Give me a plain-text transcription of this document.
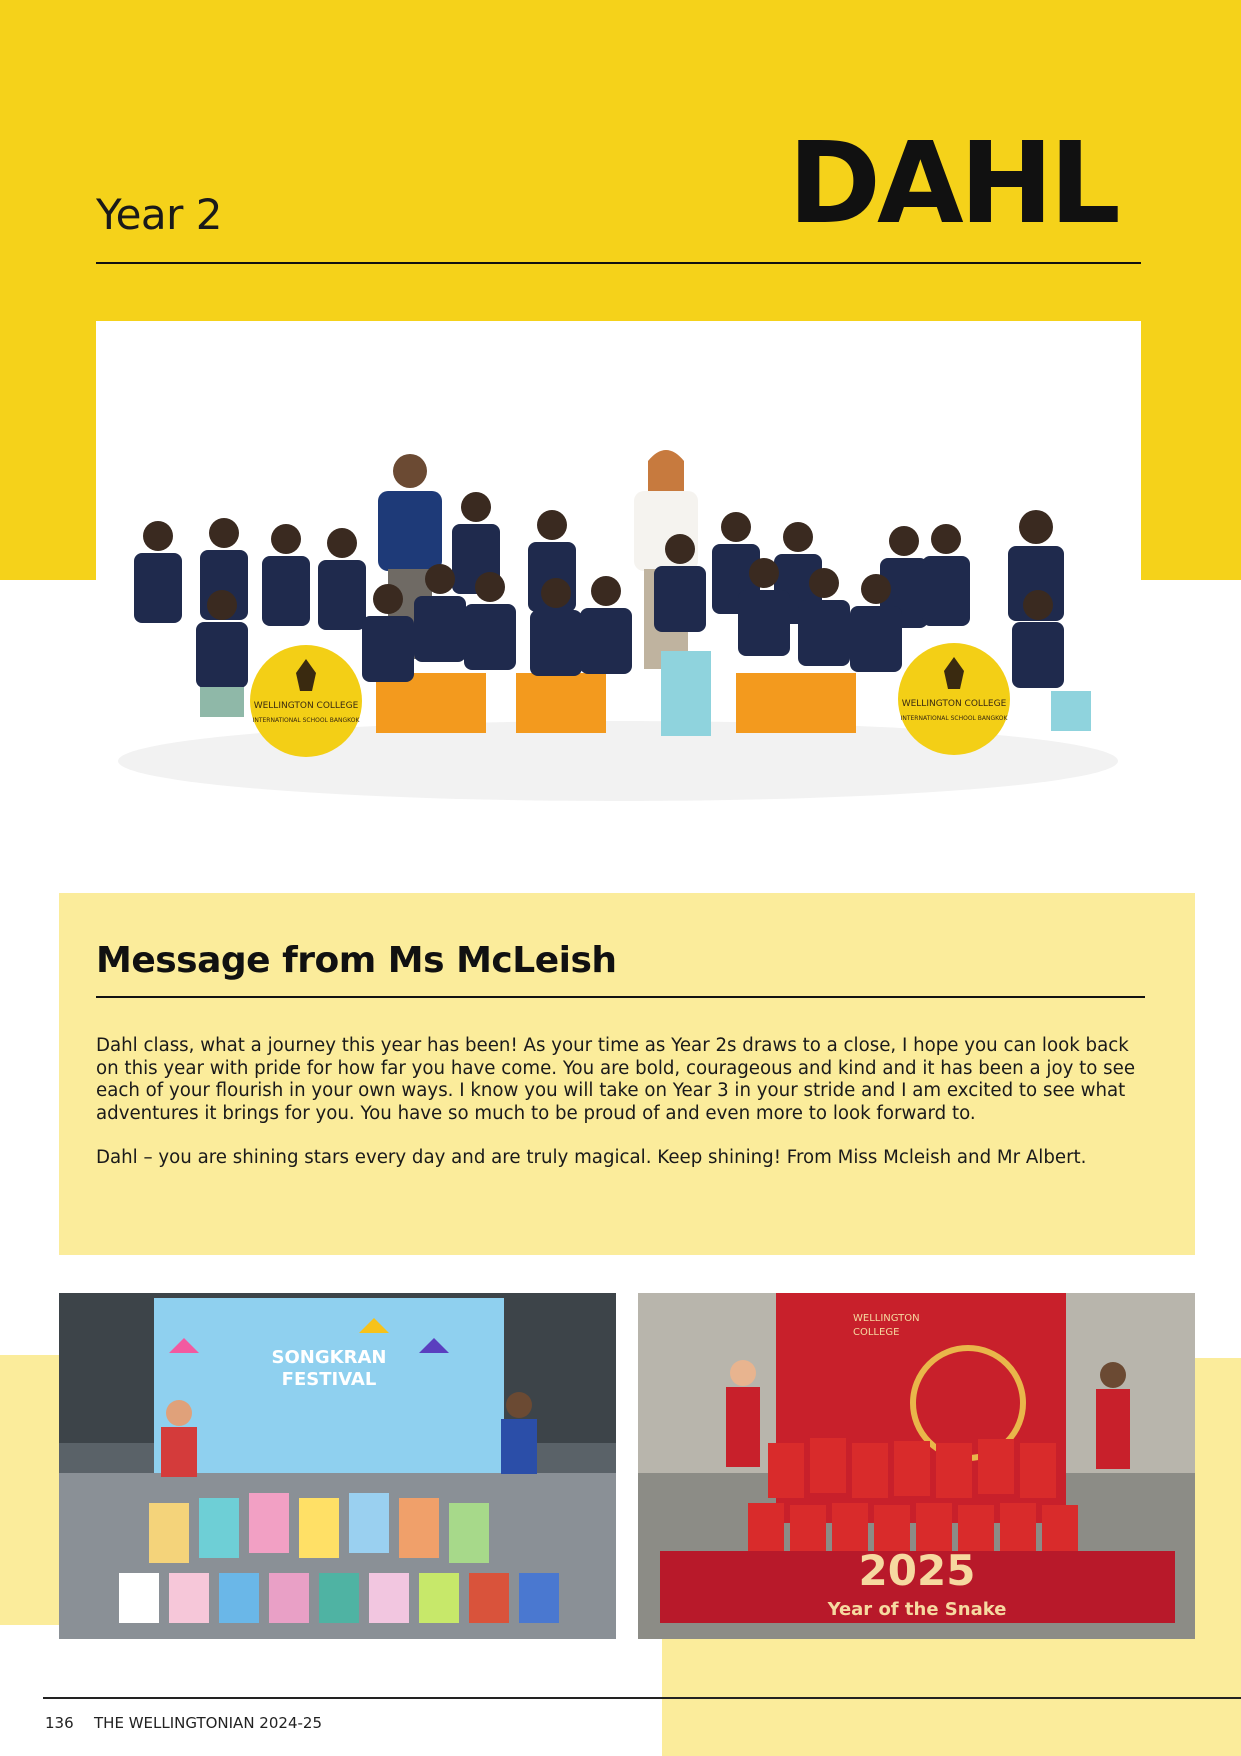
Year 2	DAHL
WELLINGTON COLLEGE
INTERNATIONAL SCHOOL BANGKOK
WELLINGTON COLLEGE
INTERNATIONAL SCHOOL BANGKOK
Message from Ms McLeish

Dahl class, what a journey this year has been! As your time as Year 2s draws to a close, I hope you can look back on this year with pride for how far you have come. You are bold, courageous and kind and it has been a joy to see each of your flourish in your own ways. I know you will take on Year 3 in your stride and I am excited to see what adventures it brings for you. You have so much to be proud of and even more to look forward to.

Dahl – you are shining stars every day and are truly magical. Keep shining! From Miss Mcleish and Mr Albert.

SONGKRAN
FESTIVAL
WELLINGTON
COLLEGE
2025
Year of the Snake
136 THE WELLINGTONIAN 2024-25
